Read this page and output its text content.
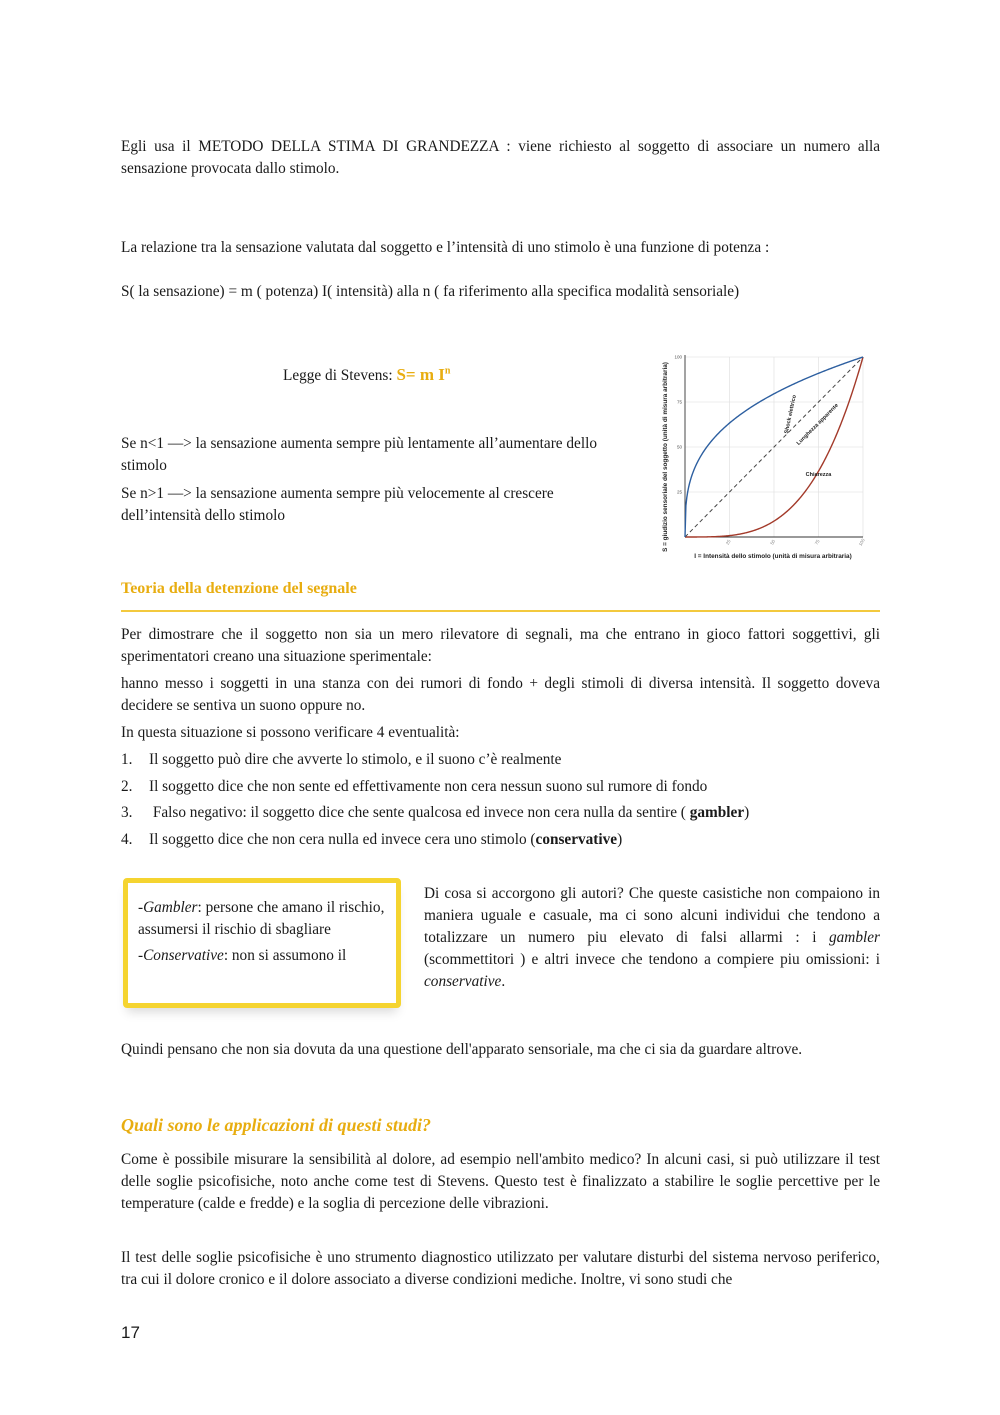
Egli usa il METODO DELLA STIMA DI GRANDEZZA : viene richiesto al soggetto di associare un numero alla sensazione provocata dallo stimolo.

La relazione tra la sensazione valutata dal soggetto e l’intensità di uno stimolo è una funzione di potenza :

S( la sensazione) = m ( potenza) I( intensità) alla n ( fa riferimento alla specifica modalità sensoriale)

Legge di Stevens: S= m $I^n$

Se n<1 —> la sensazione aumenta sempre più lentamente all’aumentare dello stimolo

Se n>1 —> la sensazione aumenta sempre più velocemente al crescere dell’intensità dello stimolo

100
75
50
25
25	50	75	100
Shock elettrico
Lunghezza apparente
Chiarezza
I = Intensità dello stimolo (unità di misura arbitraria)
S = giudizio sensoriale del soggetto (unità di misura arbitraria)
Teoria della detenzione del segnale

Per dimostrare che il soggetto non sia un mero rilevatore di segnali, ma che entrano in gioco fattori soggettivi, gli sperimentatori creano una situazione sperimentale:

hanno messo i soggetti in una stanza con dei rumori di fondo + degli stimoli di diversa intensità. Il soggetto doveva decidere se sentiva un suono oppure no.

In questa situazione si possono verificare 4 eventualità:

1. Il soggetto può dire che avverte lo stimolo, e il suono c’è realmente
2. Il soggetto dice che non sente ed effettivamente non cera nessun suono sul rumore di fondo
3. Falso negativo: il soggetto dice che sente qualcosa ed invece non cera nulla da sentire ( gambler)
4. Il soggetto dice che non cera nulla ed invece cera uno stimolo (conservative)

-Gambler: persone che amano il rischio, assumersi il rischio di sbagliare

-Conservative: non si assumono il

Di cosa si accorgono gli autori? Che queste casistiche non compaiono in maniera uguale e casuale, ma ci sono alcuni individui che tendono a totalizzare un numero piu elevato di falsi allarmi : i gambler (scommettitori ) e altri invece che tendono a compiere piu omissioni: i conservative.

Quindi pensano che non sia dovuta da una questione dell'apparato sensoriale, ma che ci sia da guardare altrove.

Quali sono le applicazioni di questi studi?

Come è possibile misurare la sensibilità al dolore, ad esempio nell'ambito medico? In alcuni casi, si può utilizzare il test delle soglie psicofisiche, noto anche come test di Stevens. Questo test è finalizzato a stabilire le soglie percettive per le temperature (calde e fredde) e la soglia di percezione delle vibrazioni.

Il test delle soglie psicofisiche è uno strumento diagnostico utilizzato per valutare disturbi del sistema nervoso periferico, tra cui il dolore cronico e il dolore associato a diverse condizioni mediche. Inoltre, vi sono studi che

17
